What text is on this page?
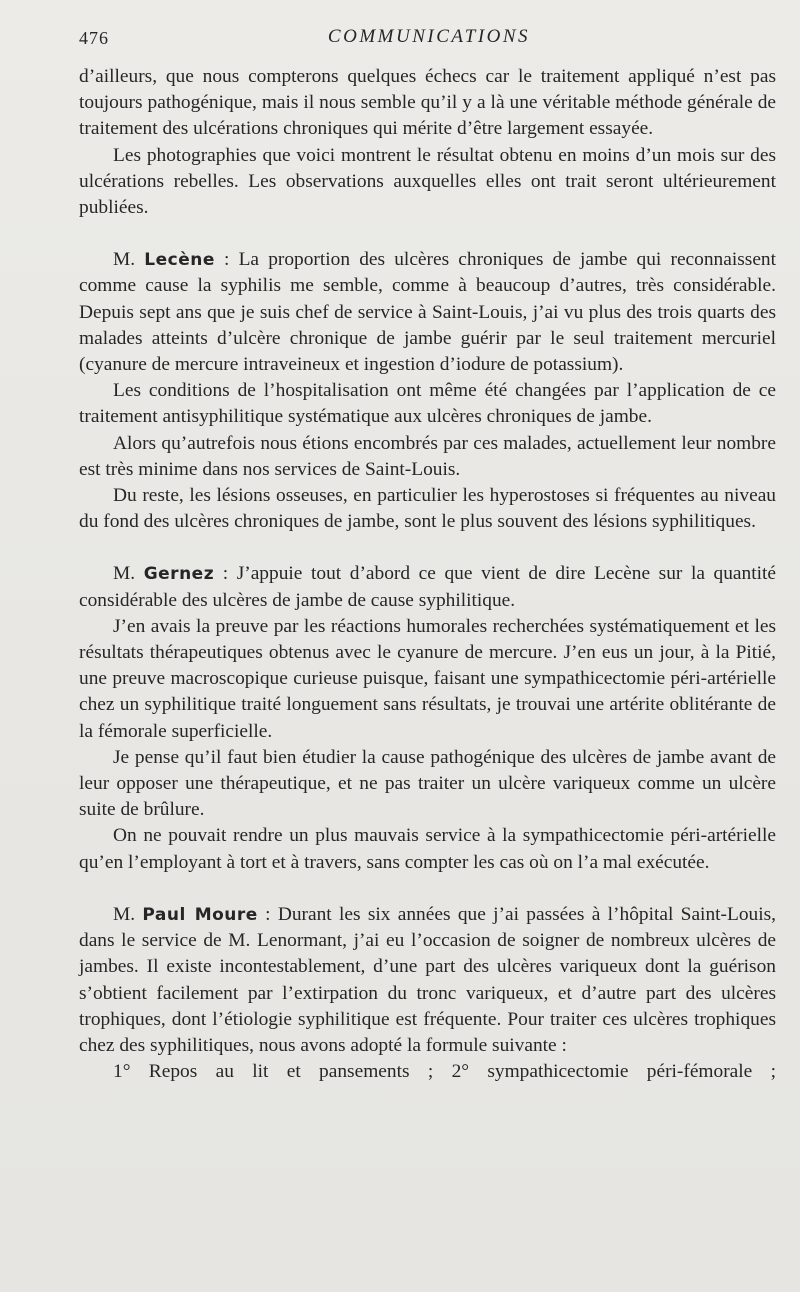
476	COMMUNICATIONS

d’ailleurs, que nous compterons quelques échecs car le traitement appliqué n’est pas toujours pathogénique, mais il nous semble qu’il y a là une véritable méthode générale de traitement des ulcérations chroniques qui mérite d’être largement essayée.

Les photographies que voici montrent le résultat obtenu en moins d’un mois sur des ulcérations rebelles. Les observations auxquelles elles ont trait seront ultérieurement publiées.

M. Lecène : La proportion des ulcères chroniques de jambe qui reconnaissent comme cause la syphilis me semble, comme à beaucoup d’autres, très considérable. Depuis sept ans que je suis chef de service à Saint-Louis, j’ai vu plus des trois quarts des malades atteints d’ulcère chronique de jambe guérir par le seul traitement mercuriel (cyanure de mercure intraveineux et ingestion d’iodure de potassium).

Les conditions de l’hospitalisation ont même été changées par l’application de ce traitement antisyphilitique systématique aux ulcères chroniques de jambe.

Alors qu’autrefois nous étions encombrés par ces malades, actuellement leur nombre est très minime dans nos services de Saint-Louis.

Du reste, les lésions osseuses, en particulier les hyperostoses si fréquentes au niveau du fond des ulcères chroniques de jambe, sont le plus souvent des lésions syphilitiques.

M. Gernez : J’appuie tout d’abord ce que vient de dire Lecène sur la quantité considérable des ulcères de jambe de cause syphilitique.

J’en avais la preuve par les réactions humorales recherchées systématiquement et les résultats thérapeutiques obtenus avec le cyanure de mercure. J’en eus un jour, à la Pitié, une preuve macroscopique curieuse puisque, faisant une sympathicectomie péri-artérielle chez un syphilitique traité longuement sans résultats, je trouvai une artérite oblitérante de la fémorale superficielle.

Je pense qu’il faut bien étudier la cause pathogénique des ulcères de jambe avant de leur opposer une thérapeutique, et ne pas traiter un ulcère variqueux comme un ulcère suite de brûlure.

On ne pouvait rendre un plus mauvais service à la sympathicectomie péri-artérielle qu’en l’employant à tort et à travers, sans compter les cas où on l’a mal exécutée.

M. Paul Moure : Durant les six années que j’ai passées à l’hôpital Saint-Louis, dans le service de M. Lenormant, j’ai eu l’occasion de soigner de nombreux ulcères de jambes. Il existe incontestablement, d’une part des ulcères variqueux dont la guérison s’obtient facilement par l’extirpation du tronc variqueux, et d’autre part des ulcères trophiques, dont l’étiologie syphilitique est fréquente. Pour traiter ces ulcères trophiques chez des syphilitiques, nous avons adopté la formule suivante :

1° Repos au lit et pansements ; 2° sympathicectomie péri-fémorale ;
